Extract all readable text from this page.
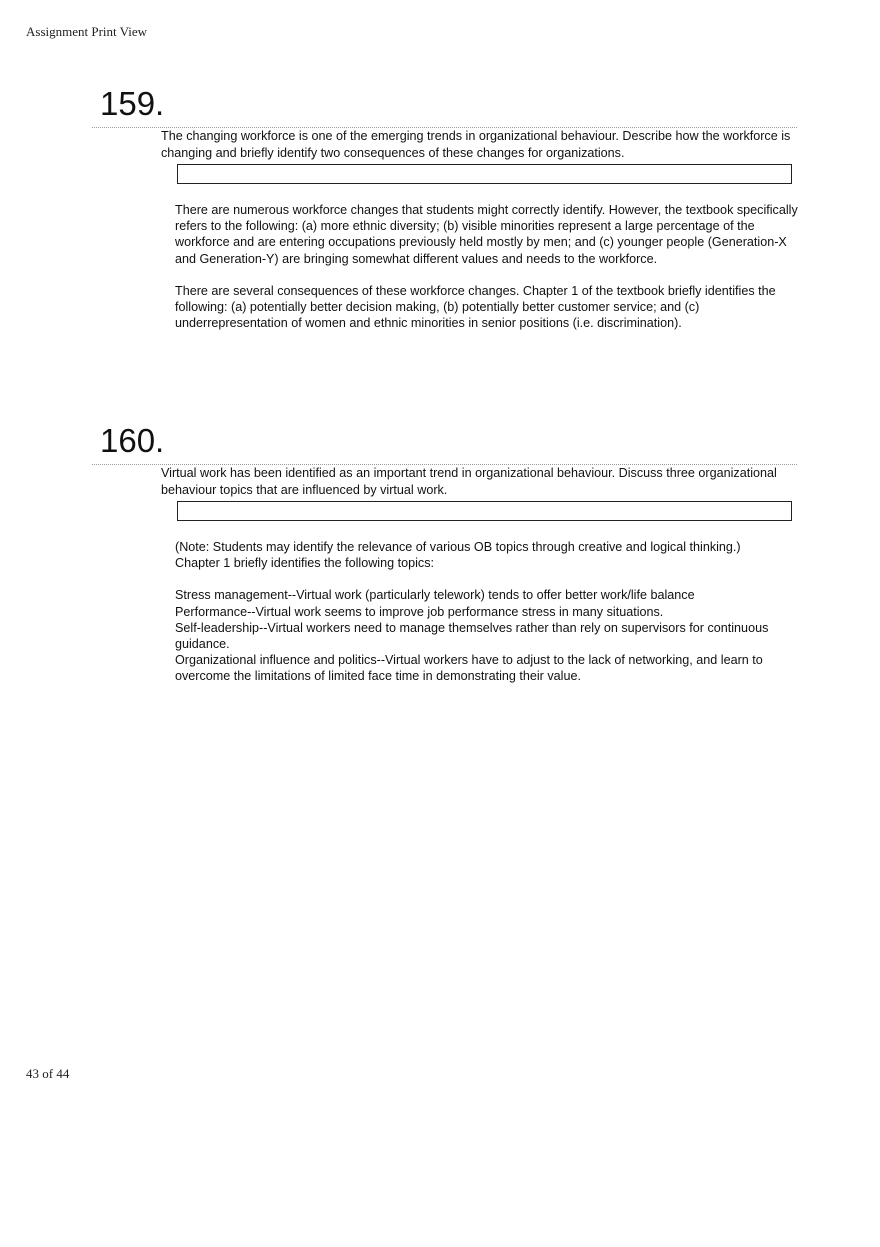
Assignment Print View
159.
The changing workforce is one of the emerging trends in organizational behaviour. Describe how the workforce is changing and briefly identify two consequences of these changes for organizations.

There are numerous workforce changes that students might correctly identify. However, the textbook specifically refers to the following: (a) more ethnic diversity; (b) visible minorities represent a large percentage of the workforce and are entering occupations previously held mostly by men; and (c) younger people (Generation-X and Generation-Y) are bringing somewhat different values and needs to the workforce.

There are several consequences of these workforce changes. Chapter 1 of the textbook briefly identifies the following: (a) potentially better decision making, (b) potentially better customer service; and (c) underrepresentation of women and ethnic minorities in senior positions (i.e. discrimination).

160.
Virtual work has been identified as an important trend in organizational behaviour. Discuss three organizational behaviour topics that are influenced by virtual work.

(Note: Students may identify the relevance of various OB topics through creative and logical thinking.)

Chapter 1 briefly identifies the following topics:

Stress management--Virtual work (particularly telework) tends to offer better work/life balance

Performance--Virtual work seems to improve job performance stress in many situations.

Self-leadership--Virtual workers need to manage themselves rather than rely on supervisors for continuous guidance.

Organizational influence and politics--Virtual workers have to adjust to the lack of networking, and learn to overcome the limitations of limited face time in demonstrating their value.

43 of 44
